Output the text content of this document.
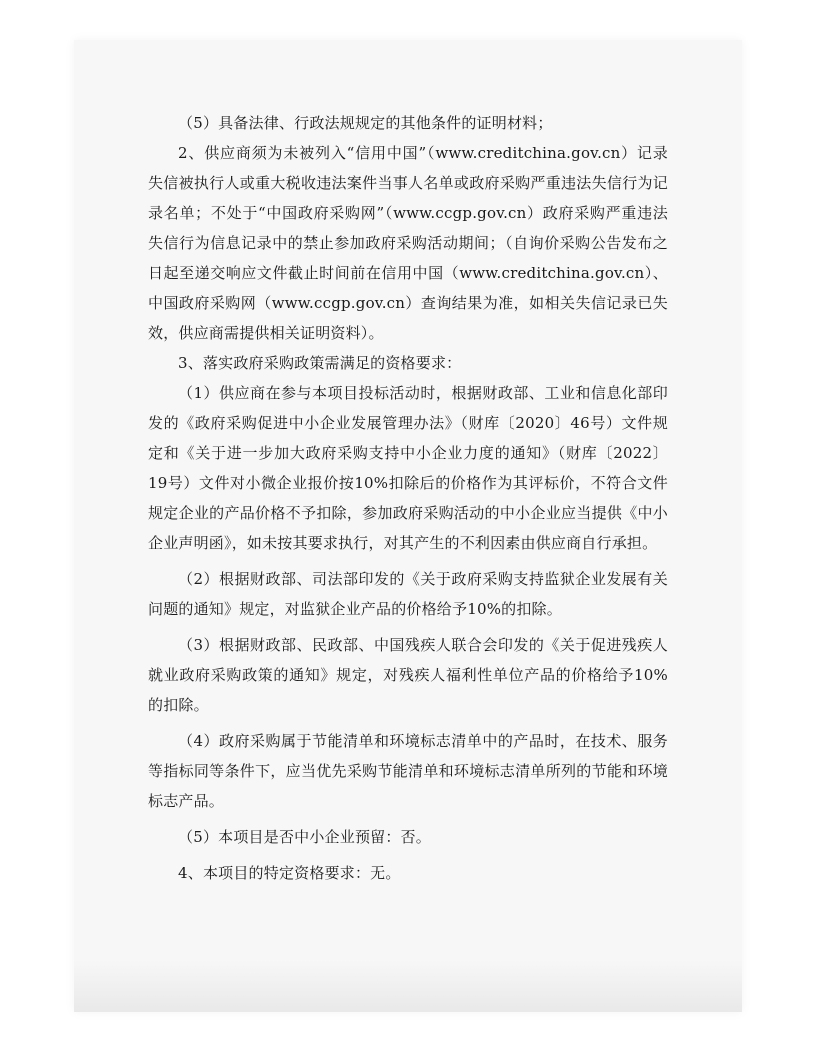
（5）具备法律、行政法规规定的其他条件的证明材料；

2、供应商须为未被列入“信用中国”（www.creditchina.gov.cn）记录失信被执行人或重大税收违法案件当事人名单或政府采购严重违法失信行为记录名单；不处于“中国政府采购网”（www.ccgp.gov.cn）政府采购严重违法失信行为信息记录中的禁止参加政府采购活动期间；（自询价采购公告发布之日起至递交响应文件截止时间前在信用中国（www.creditchina.gov.cn）、中国政府采购网（www.ccgp.gov.cn）查询结果为准，如相关失信记录已失效，供应商需提供相关证明资料）。

3、落实政府采购政策需满足的资格要求：

（1）供应商在参与本项目投标活动时，根据财政部、工业和信息化部印发的《政府采购促进中小企业发展管理办法》（财库〔2020〕46号）文件规定和《关于进一步加大政府采购支持中小企业力度的通知》（财库〔2022〕19号）文件对小微企业报价按10%扣除后的价格作为其评标价，不符合文件规定企业的产品价格不予扣除，参加政府采购活动的中小企业应当提供《中小企业声明函》，如未按其要求执行，对其产生的不利因素由供应商自行承担。

（2）根据财政部、司法部印发的《关于政府采购支持监狱企业发展有关问题的通知》规定，对监狱企业产品的价格给予10%的扣除。

（3）根据财政部、民政部、中国残疾人联合会印发的《关于促进残疾人就业政府采购政策的通知》规定，对残疾人福利性单位产品的价格给予10%的扣除。

（4）政府采购属于节能清单和环境标志清单中的产品时，在技术、服务等指标同等条件下，应当优先采购节能清单和环境标志清单所列的节能和环境标志产品。

（5）本项目是否中小企业预留：否。

4、本项目的特定资格要求：无。
